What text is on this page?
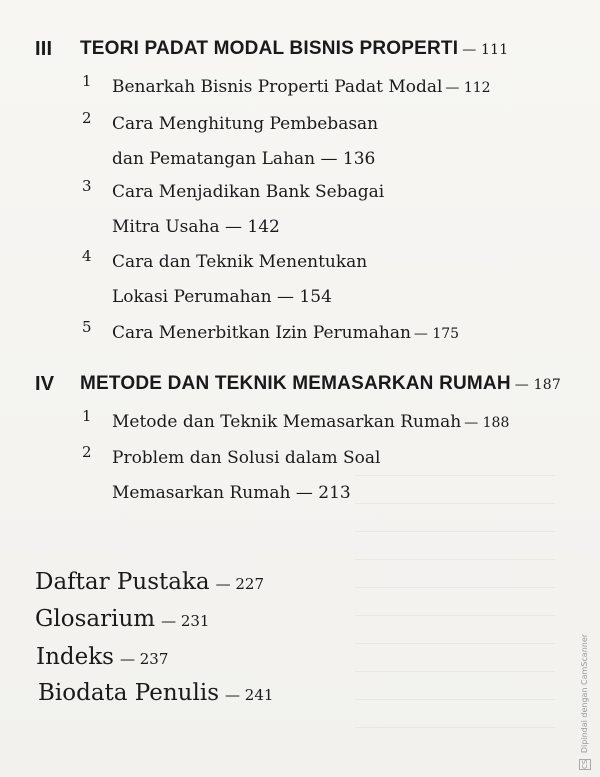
III TEORI PADAT MODAL BISNIS PROPERTI — 111
1 Benarkah Bisnis Properti Padat Modal — 112
2 Cara Menghitung Pembebasan
dan Pematangan Lahan — 136
3 Cara Menjadikan Bank Sebagai
Mitra Usaha — 142
4 Cara dan Teknik Menentukan
Lokasi Perumahan — 154
5 Cara Menerbitkan Izin Perumahan — 175
IV METODE DAN TEKNIK MEMASARKAN RUMAH — 187
1 Metode dan Teknik Memasarkan Rumah — 188
2 Problem dan Solusi dalam Soal
Memasarkan Rumah — 213
Daftar Pustaka — 227
Glosarium — 231
Indeks — 237
Biodata Penulis — 241
CS Dipindai dengan CamScanner
